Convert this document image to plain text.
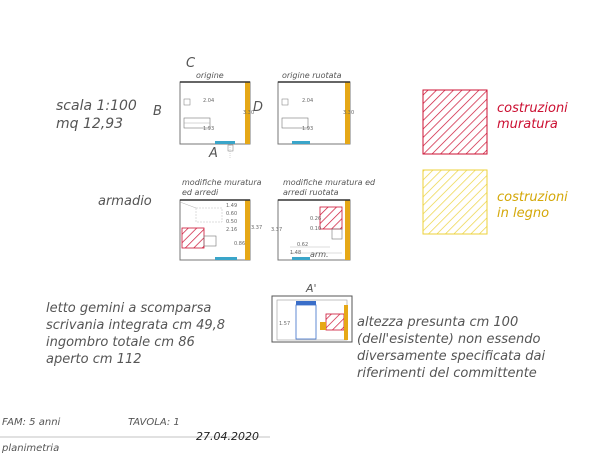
scala 1:100
mq 12,93
C
B	D
A
A'
origine	origine ruotata
armadio
modifiche muratura
ed arredi
modifiche muratura ed
arredi ruotata
arm.
2.04
3.30
1.93
2.04
3.30
1.93
1.49
0.60
0.50
2.16	3.37
0.86
0.26
0.10
3.37
0.62
1.48
1.57
costruzioni
muratura
costruzioni
in legno
letto gemini a scomparsa
scrivania integrata cm 49,8
ingombro totale cm 86
aperto cm 112
altezza presunta cm 100
(dell'esistente) non essendo
diversamente specificata dai
riferimenti del committente
FAM: 5 anni	TAVOLA: 1
27.04.2020
planimetria
